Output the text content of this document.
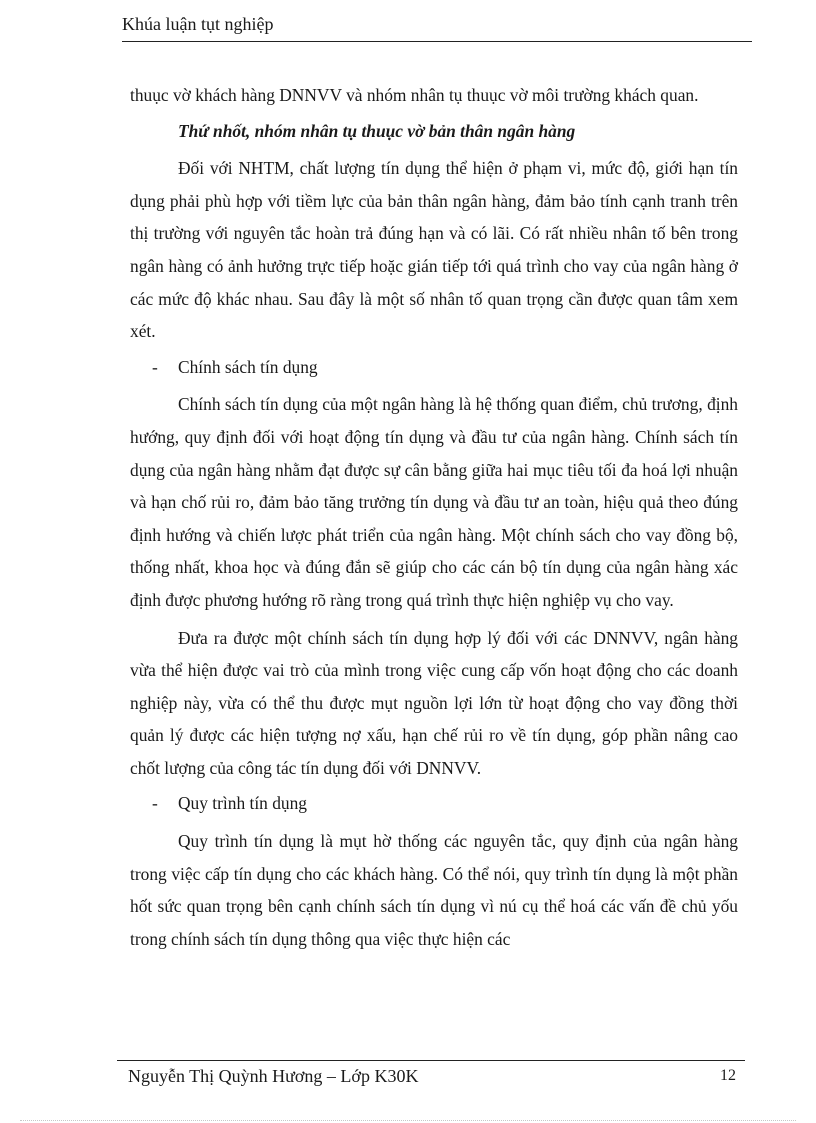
Khúa luận tụt nghiệp

thuục vờ khách hàng DNNVV và nhóm nhân tụ thuục vờ môi trường khách quan.

Thứ nhốt, nhóm nhân tụ thuục vờ bản thân ngân hàng

Đối với NHTM, chất lượng tín dụng thể hiện ở phạm vi, mức độ, giới hạn tín dụng phải phù hợp với tiềm lực của bản thân ngân hàng, đảm bảo tính cạnh tranh trên thị trường với nguyên tắc hoàn trả đúng hạn và có lãi. Có rất nhiều nhân tố bên trong ngân hàng có ảnh hưởng trực tiếp hoặc gián tiếp tới quá trình cho vay của ngân hàng ở các mức độ khác nhau. Sau đây là một số nhân tố quan trọng cần được quan tâm xem xét.

-	Chính sách tín dụng

Chính sách tín dụng của một ngân hàng là hệ thống quan điểm, chủ trương, định hướng, quy định đối với hoạt động tín dụng và đầu tư của ngân hàng. Chính sách tín dụng của ngân hàng nhằm đạt được sự cân bằng giữa hai mục tiêu tối đa hoá lợi nhuận và hạn chố rủi ro, đảm bảo tăng trưởng tín dụng và đầu tư an toàn, hiệu quả theo đúng định hướng và chiến lược phát triển của ngân hàng. Một chính sách cho vay đồng bộ, thống nhất, khoa học và đúng đắn sẽ giúp cho các cán bộ tín dụng của ngân hàng xác định được phương hướng rõ ràng trong quá trình thực hiện nghiệp vụ cho vay.

Đưa ra được một chính sách tín dụng hợp lý đối với các DNNVV, ngân hàng vừa thể hiện được vai trò của mình trong việc cung cấp vốn hoạt động cho các doanh nghiệp này, vừa có thể thu được mụt nguồn lợi lớn từ hoạt động cho vay đồng thời quản lý được các hiện tượng nợ xấu, hạn chế rủi ro về tín dụng, góp phần nâng cao chốt lượng của công tác tín dụng đối với DNNVV.

-	Quy trình tín dụng

Quy trình tín dụng là mụt hờ thống các nguyên tắc, quy định của ngân hàng trong việc cấp tín dụng cho các khách hàng. Có thể nói, quy trình tín dụng là một phần hốt sức quan trọng bên cạnh chính sách tín dụng vì nú cụ thể hoá các vấn đề chủ yốu trong chính sách tín dụng thông qua việc thực hiện các

Nguyễn Thị Quỳnh Hương – Lớp K30K	12
